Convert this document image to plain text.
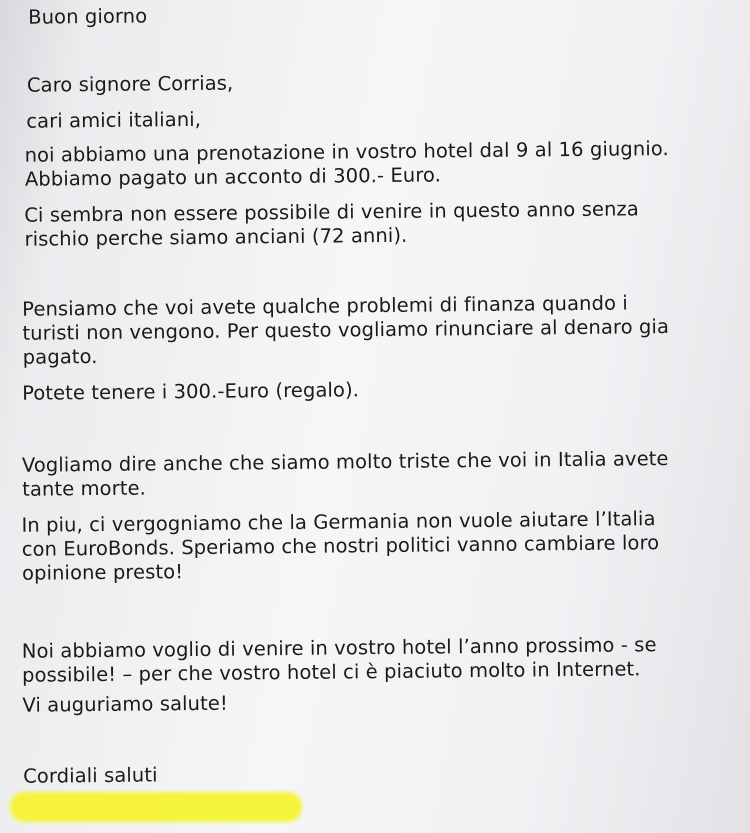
Buon giorno
Caro signore Corrias,
cari amici italiani,
noi abbiamo una prenotazione in vostro hotel dal 9 al 16 giugnio.
Abbiamo pagato un acconto di 300.- Euro.
Ci sembra non essere possibile di venire in questo anno senza
rischio perche siamo anciani (72 anni).
Pensiamo che voi avete qualche problemi di finanza quando i
turisti non vengono. Per questo vogliamo rinunciare al denaro gia
pagato.
Potete tenere i 300.-Euro (regalo).
Vogliamo dire anche che siamo molto triste che voi in Italia avete
tante morte.
In piu, ci vergogniamo che la Germania non vuole aiutare l’Italia
con EuroBonds. Speriamo che nostri politici vanno cambiare loro
opinione presto!
Noi abbiamo voglio di venire in vostro hotel l’anno prossimo - se
possibile! – per che vostro hotel ci è piaciuto molto in Internet.
Vi auguriamo salute!
Cordiali saluti
